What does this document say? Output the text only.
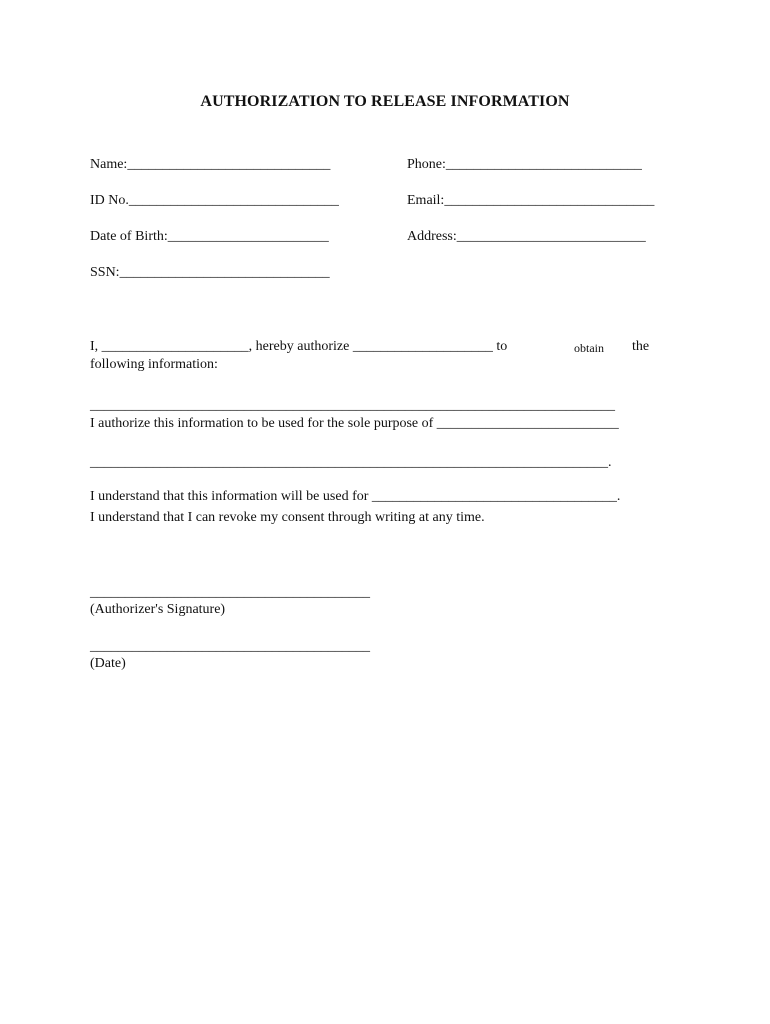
AUTHORIZATION TO RELEASE INFORMATION
Name:_____________________________	Phone:____________________________
ID No.______________________________	Email:______________________________
Date of Birth:_______________________	Address:___________________________
SSN:______________________________
I, _____________________, hereby authorize ____________________ to	obtain the
following information:
___________________________________________________________________________
I authorize this information to be used for the sole purpose of __________________________
__________________________________________________________________________.
I understand that this information will be used for ___________________________________.
I understand that I can revoke my consent through writing at any time.
________________________________________
(Authorizer's Signature)
________________________________________
(Date)
